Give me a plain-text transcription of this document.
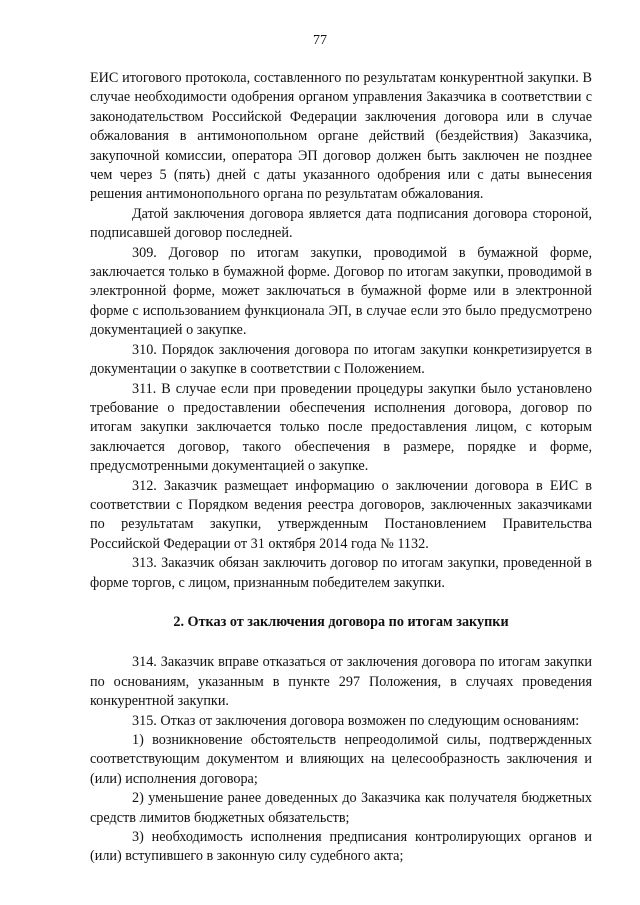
77

ЕИС итогового протокола, составленного по результатам конкурентной закупки. В случае необходимости одобрения органом управления Заказчика в соответствии с законодательством Российской Федерации заключения договора или в случае обжалования в антимонопольном органе действий (бездействия) Заказчика, закупочной комиссии, оператора ЭП договор должен быть заключен не позднее чем через 5 (пять) дней с даты указанного одобрения или с даты вынесения решения антимонопольного органа по результатам обжалования.

Датой заключения договора является дата подписания договора стороной, подписавшей договор последней.

309. Договор по итогам закупки, проводимой в бумажной форме, заключается только в бумажной форме. Договор по итогам закупки, проводимой в электронной форме, может заключаться в бумажной форме или в электронной форме с использованием функционала ЭП, в случае если это было предусмотрено документацией о закупке.

310. Порядок заключения договора по итогам закупки конкретизируется в документации о закупке в соответствии с Положением.

311. В случае если при проведении процедуры закупки было установлено требование о предоставлении обеспечения исполнения договора, договор по итогам закупки заключается только после предоставления лицом, с которым заключается договор, такого обеспечения в размере, порядке и форме, предусмотренными документацией о закупке.

312. Заказчик размещает информацию о заключении договора в ЕИС в соответствии с Порядком ведения реестра договоров, заключенных заказчиками по результатам закупки, утвержденным Постановлением Правительства Российской Федерации от 31 октября 2014 года № 1132.

313. Заказчик обязан заключить договор по итогам закупки, проведенной в форме торгов, с лицом, признанным победителем закупки.

2. Отказ от заключения договора по итогам закупки

314. Заказчик вправе отказаться от заключения договора по итогам закупки по основаниям, указанным в пункте 297 Положения, в случаях проведения конкурентной закупки.

315. Отказ от заключения договора возможен по следующим основаниям:

1) возникновение обстоятельств непреодолимой силы, подтвержденных соответствующим документом и влияющих на целесообразность заключения и (или) исполнения договора;

2) уменьшение ранее доведенных до Заказчика как получателя бюджетных средств лимитов бюджетных обязательств;

3) необходимость исполнения предписания контролирующих органов и (или) вступившего в законную силу судебного акта;
